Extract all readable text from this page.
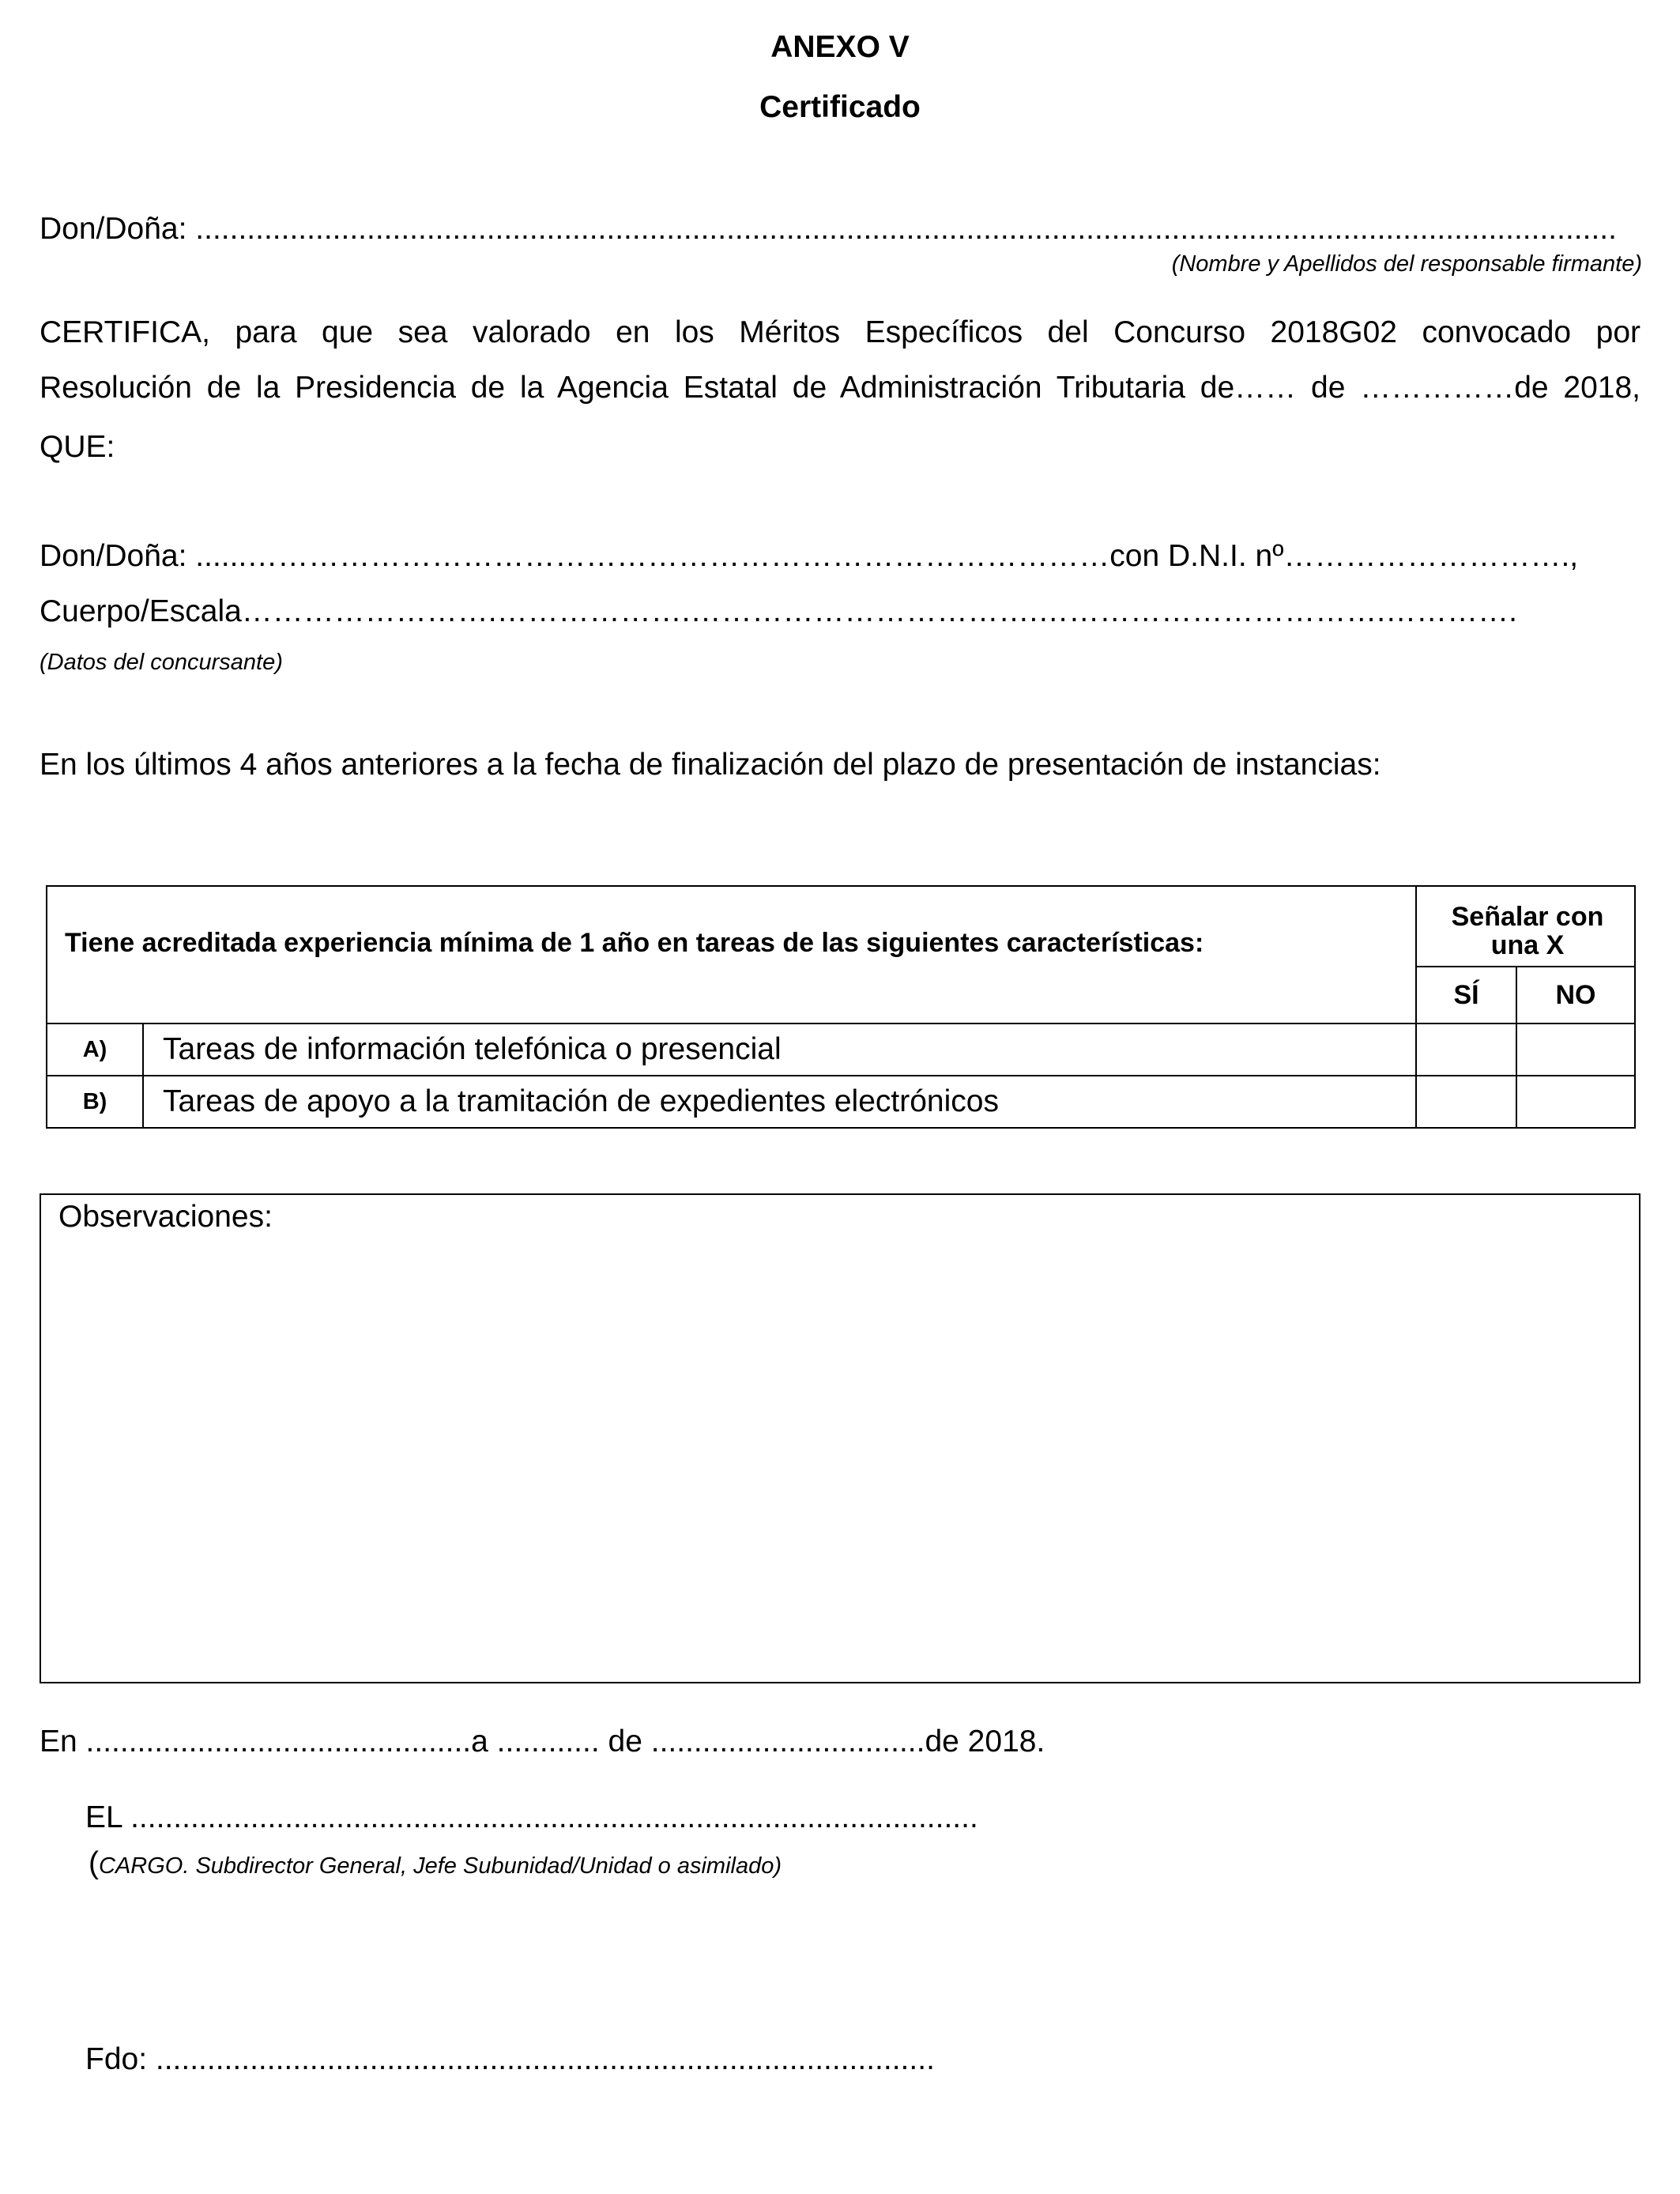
ANEXO V
Certificado
Don/Doña: ......................................................................................................................................................................
(Nombre y Apellidos del responsable firmante)
CERTIFICA, para que sea valorado en los Méritos Específicos del Concurso 2018G02 convocado por
Resolución de la Presidencia de la Agencia Estatal de Administración Tributaria de…… de ……………de 2018,
QUE:
Don/Doña: ......…………………………………………………………………………con D.N.I. nº……………………….,
Cuerpo/Escala…………………….……………….…………………………….…………………………….………….
(Datos del concursante)
En los últimos 4 años anteriores a la fecha de finalización del plazo de presentación de instancias:
Tiene acreditada experiencia mínima de 1 año en tareas de las siguientes características:
Señalar con una X
SÍ	NO
A)	Tareas de información telefónica o presencial
B)	Tareas de apoyo a la tramitación de expedientes electrónicos
Observaciones:
En .............................................a ............ de ................................de 2018.
EL ...................................................................................................
(CARGO. Subdirector General, Jefe Subunidad/Unidad o asimilado)
Fdo: ...........................................................................................
